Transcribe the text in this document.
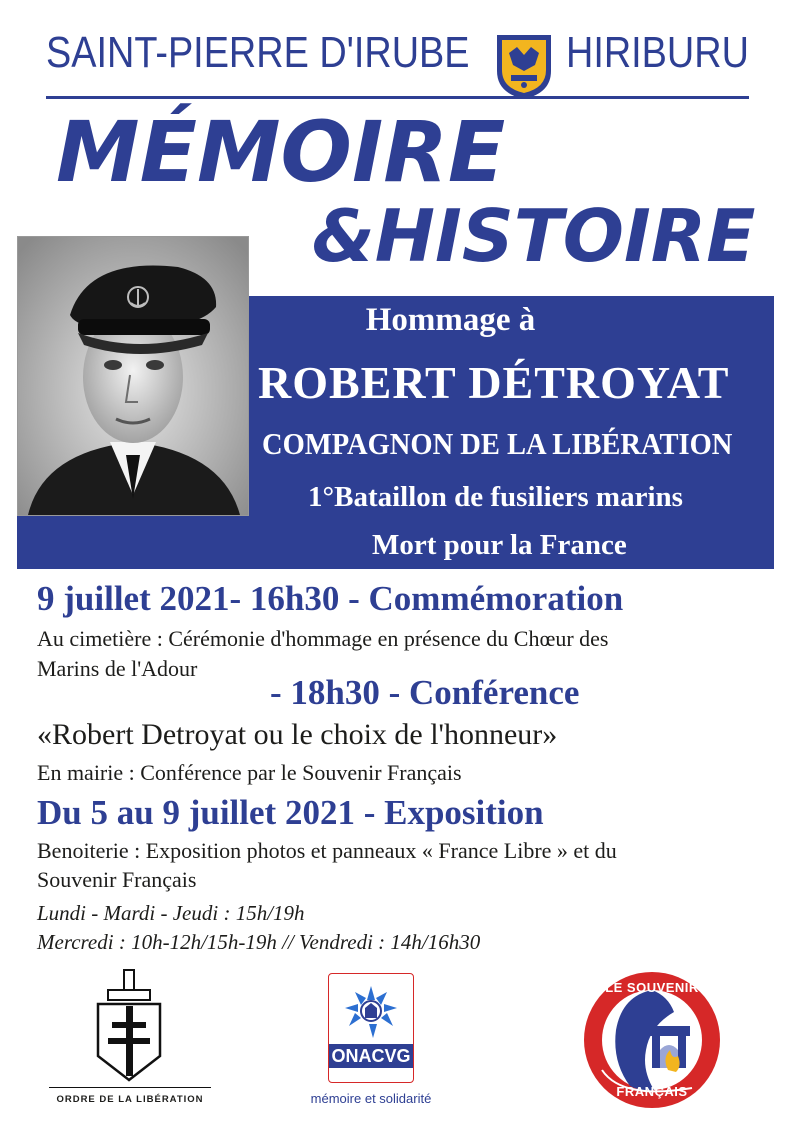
SAINT-PIERRE D'IRUBE HIRIBURU
MÉMOIRE
&HISTOIRE
Hommage à
ROBERT DÉTROYAT
COMPAGNON DE LA LIBÉRATION
1°Bataillon de fusiliers marins
Mort pour la France
9 juillet 2021- 16h30 - Commémoration
Au cimetière : Cérémonie d'hommage en présence du Chœur des
Marins de l'Adour
- 18h30 - Conférence
«Robert Detroyat ou le choix de l'honneur»
En mairie : Conférence par le Souvenir Français
Du 5 au 9 juillet 2021 - Exposition
Benoiterie : Exposition photos et panneaux « France Libre » et du
Souvenir Français
Lundi - Mardi - Jeudi : 15h/19h
Mercredi : 10h-12h/15h-19h // Vendredi : 14h/16h30
ORDRE DE LA LIBÉRATION
ONACVG
mémoire et solidarité
LE SOUVENIR
FRANÇAIS
